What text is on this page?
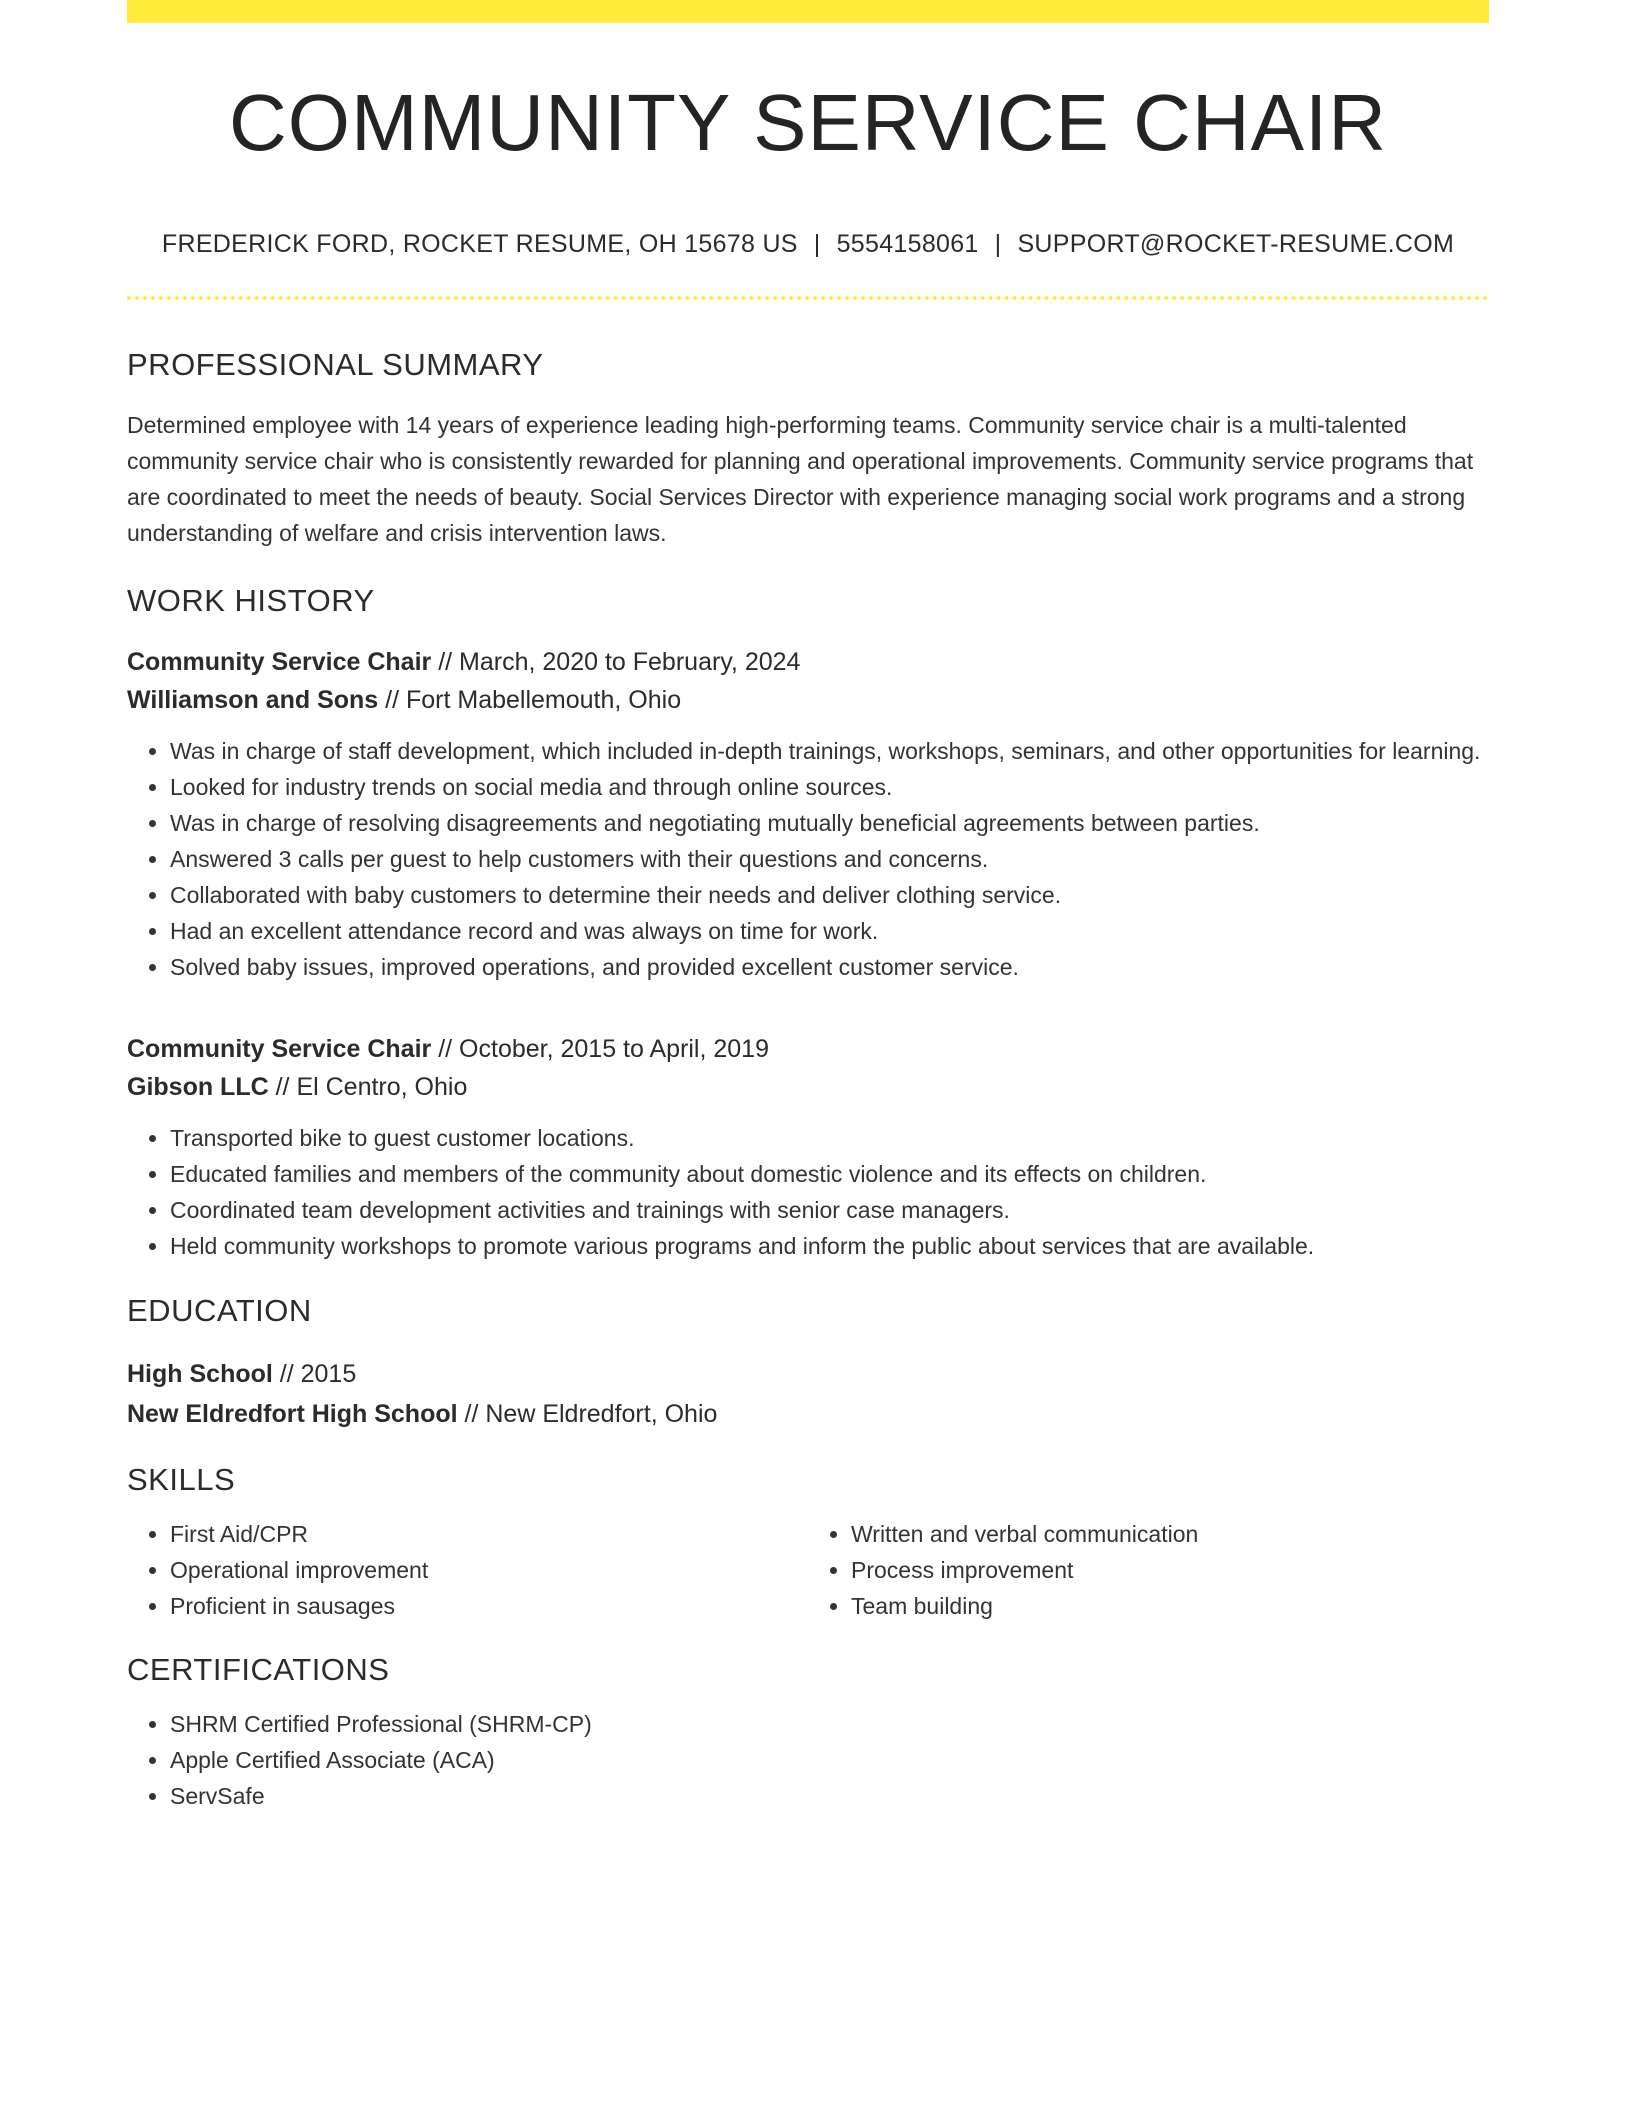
COMMUNITY SERVICE CHAIR
FREDERICK FORD, ROCKET RESUME, OH 15678 US | 5554158061 | SUPPORT@ROCKET-RESUME.COM
PROFESSIONAL SUMMARY

Determined employee with 14 years of experience leading high-performing teams. Community service chair is a multi-talented community service chair who is consistently rewarded for planning and operational improvements. Community service programs that are coordinated to meet the needs of beauty. Social Services Director with experience managing social work programs and a strong understanding of welfare and crisis intervention laws.

WORK HISTORY
Community Service Chair // March, 2020 to February, 2024
Williamson and Sons // Fort Mabellemouth, Ohio
• Was in charge of staff development, which included in-depth trainings, workshops, seminars, and other opportunities for learning.
• Looked for industry trends on social media and through online sources.
• Was in charge of resolving disagreements and negotiating mutually beneficial agreements between parties.
• Answered 3 calls per guest to help customers with their questions and concerns.
• Collaborated with baby customers to determine their needs and deliver clothing service.
• Had an excellent attendance record and was always on time for work.
• Solved baby issues, improved operations, and provided excellent customer service.
Community Service Chair // October, 2015 to April, 2019
Gibson LLC // El Centro, Ohio
• Transported bike to guest customer locations.
• Educated families and members of the community about domestic violence and its effects on children.
• Coordinated team development activities and trainings with senior case managers.
• Held community workshops to promote various programs and inform the public about services that are available.
EDUCATION
High School // 2015
New Eldredfort High School // New Eldredfort, Ohio
SKILLS
• First Aid/CPR
• Operational improvement
• Proficient in sausages
• Written and verbal communication
• Process improvement
• Team building
CERTIFICATIONS
• SHRM Certified Professional (SHRM-CP)
• Apple Certified Associate (ACA)
• ServSafe
